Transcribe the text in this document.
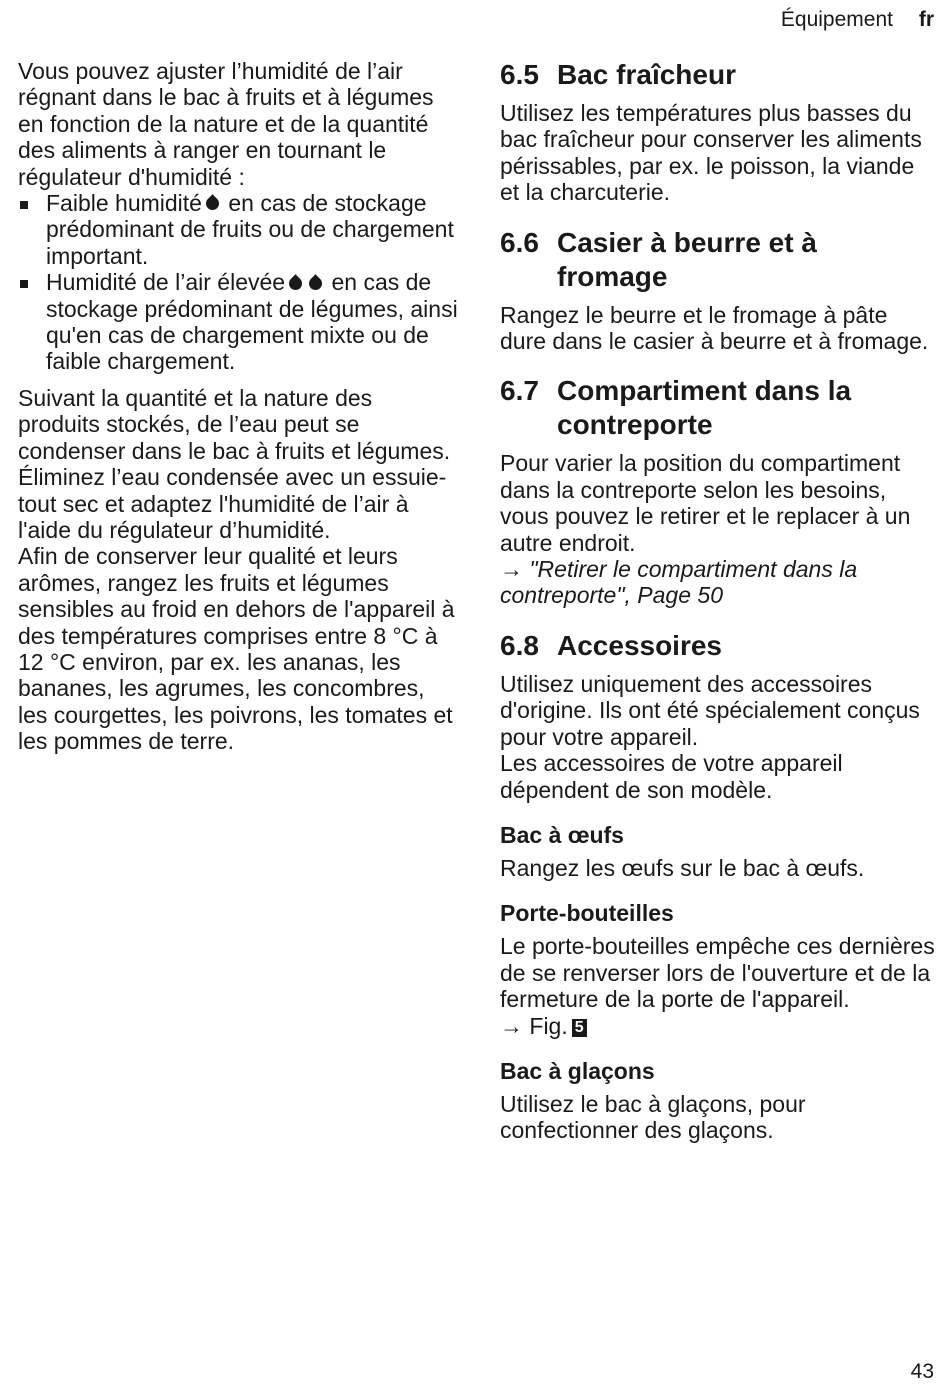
Équipement fr

Vous pouvez ajuster l’humidité de l’air régnant dans le bac à fruits et à légumes en fonction de la nature et de la quantité des aliments à ranger en tournant le régulateur d'humidité :

Faible humidité en cas de stockage prédominant de fruits ou de chargement important.
Humidité de l’air élevée en cas de stockage prédominant de légumes, ainsi qu'en cas de chargement mixte ou de faible chargement.

Suivant la quantité et la nature des produits stockés, de l’eau peut se condenser dans le bac à fruits et légumes.

Éliminez l’eau condensée avec un essuie-tout sec et adaptez l'humidité de l’air à l'aide du régulateur d’humidité.

Afin de conserver leur qualité et leurs arômes, rangez les fruits et légumes sensibles au froid en dehors de l'appareil à des températures comprises entre 8 °C à 12 °C environ, par ex. les ananas, les bananes, les agrumes, les concombres, les courgettes, les poivrons, les tomates et les pommes de terre.

6.5 Bac fraîcheur

Utilisez les températures plus basses du bac fraîcheur pour conserver les aliments périssables, par ex. le poisson, la viande et la charcuterie.

6.6 Casier à beurre et à fromage

Rangez le beurre et le fromage à pâte dure dans le casier à beurre et à fromage.

6.7 Compartiment dans la contreporte

Pour varier la position du compartiment dans la contreporte selon les besoins, vous pouvez le retirer et le replacer à un autre endroit.

→ "Retirer le compartiment dans la contreporte", Page 50

6.8 Accessoires

Utilisez uniquement des accessoires d'origine. Ils ont été spécialement conçus pour votre appareil.

Les accessoires de votre appareil dépendent de son modèle.

Bac à œufs

Rangez les œufs sur le bac à œufs.

Porte-bouteilles

Le porte-bouteilles empêche ces dernières de se renverser lors de l'ouverture et de la fermeture de la porte de l'appareil.

→ Fig. 5

Bac à glaçons

Utilisez le bac à glaçons, pour confectionner des glaçons.

43
